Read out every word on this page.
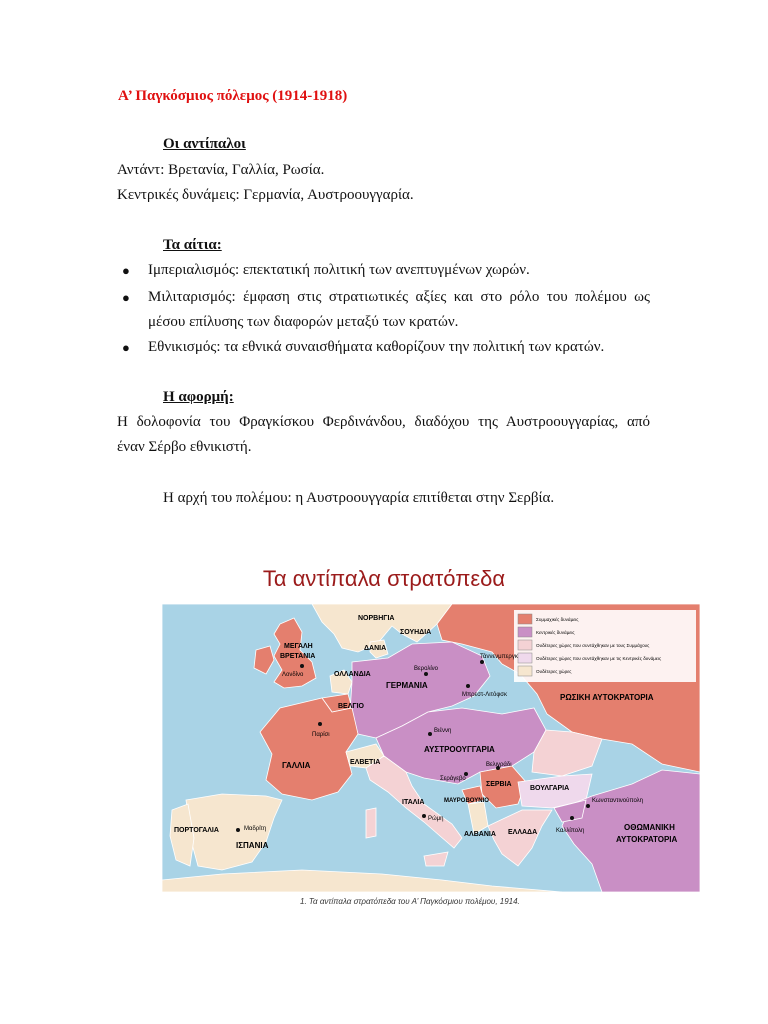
Α’ Παγκόσμιος πόλεμος (1914-1918)
Οι αντίπαλοι
Αντάντ: Βρετανία, Γαλλία, Ρωσία.
Κεντρικές δυνάμεις: Γερμανία, Αυστροουγγαρία.
Τα αίτια:
● Ιμπεριαλισμός: επεκτατική πολιτική των ανεπτυγμένων χωρών.
● Μιλιταρισμός: έμφαση στις στρατιωτικές αξίες και στο ρόλο του πολέμου ως
μέσου επίλυσης των διαφορών μεταξύ των κρατών.
● Εθνικισμός: τα εθνικά συναισθήματα καθορίζουν την πολιτική των κρατών.
Η αφορμή:
Η δολοφονία του Φραγκίσκου Φερδινάνδου, διαδόχου της Αυστροουγγαρίας, από
έναν Σέρβο εθνικιστή.
Η αρχή του πολέμου: η Αυστροουγγαρία επιτίθεται στην Σερβία.
Τα αντίπαλα στρατόπεδα
Συμμαχικές δυνάμεις
Κεντρικές δυνάμεις
Ουδέτερες χώρες που συντάχθηκαν με τους Συμμάχους
Ουδέτερες χώρες που συντάχθηκαν με τις Κεντρικές δυνάμεις
Ουδέτερες χώρες
ΝΟΡΒΗΓΙΑ
ΣΟΥΗΔΙΑ
ΔΑΝΙΑ
ΜΕΓΑΛΗ
ΒΡΕΤΑΝΙΑ
ΟΛΛΑΝΔΙΑ
ΓΕΡΜΑΝΙΑ
ΒΕΛΓΙΟ
ΡΩΣΙΚΗ ΑΥΤΟΚΡΑΤΟΡΙΑ
ΓΑΛΛΙΑ	ΕΛΒΕΤΙΑ
ΑΥΣΤΡΟΟΥΓΓΑΡΙΑ
ΙΤΑΛΙΑ
ΣΕΡΒΙΑ
ΒΟΥΛΓΑΡΙΑ
ΜΑΥΡΟΒΟΥΝΙΟ
ΑΛΒΑΝΙΑ ΕΛΛΑΔΑ
ΠΟΡΤΟΓΑΛΙΑ
ΙΣΠΑΝΙΑ
ΟΘΩΜΑΝΙΚΗ
ΑΥΤΟΚΡΑΤΟΡΙΑ
Λονδίνο
Παρίσι
Βερολίνο
Τάννενμπεργκ
Μπρεστ-Λιτόφσκ
Βιέννη
Σεράγεβο
Βελιγράδι
Ρώμη
Μαδρίτη
Κωνσταντινούπολη
Καλλίπολη
1. Τα αντίπαλα στρατόπεδα του Α’ Παγκόσμιου πολέμου, 1914.
